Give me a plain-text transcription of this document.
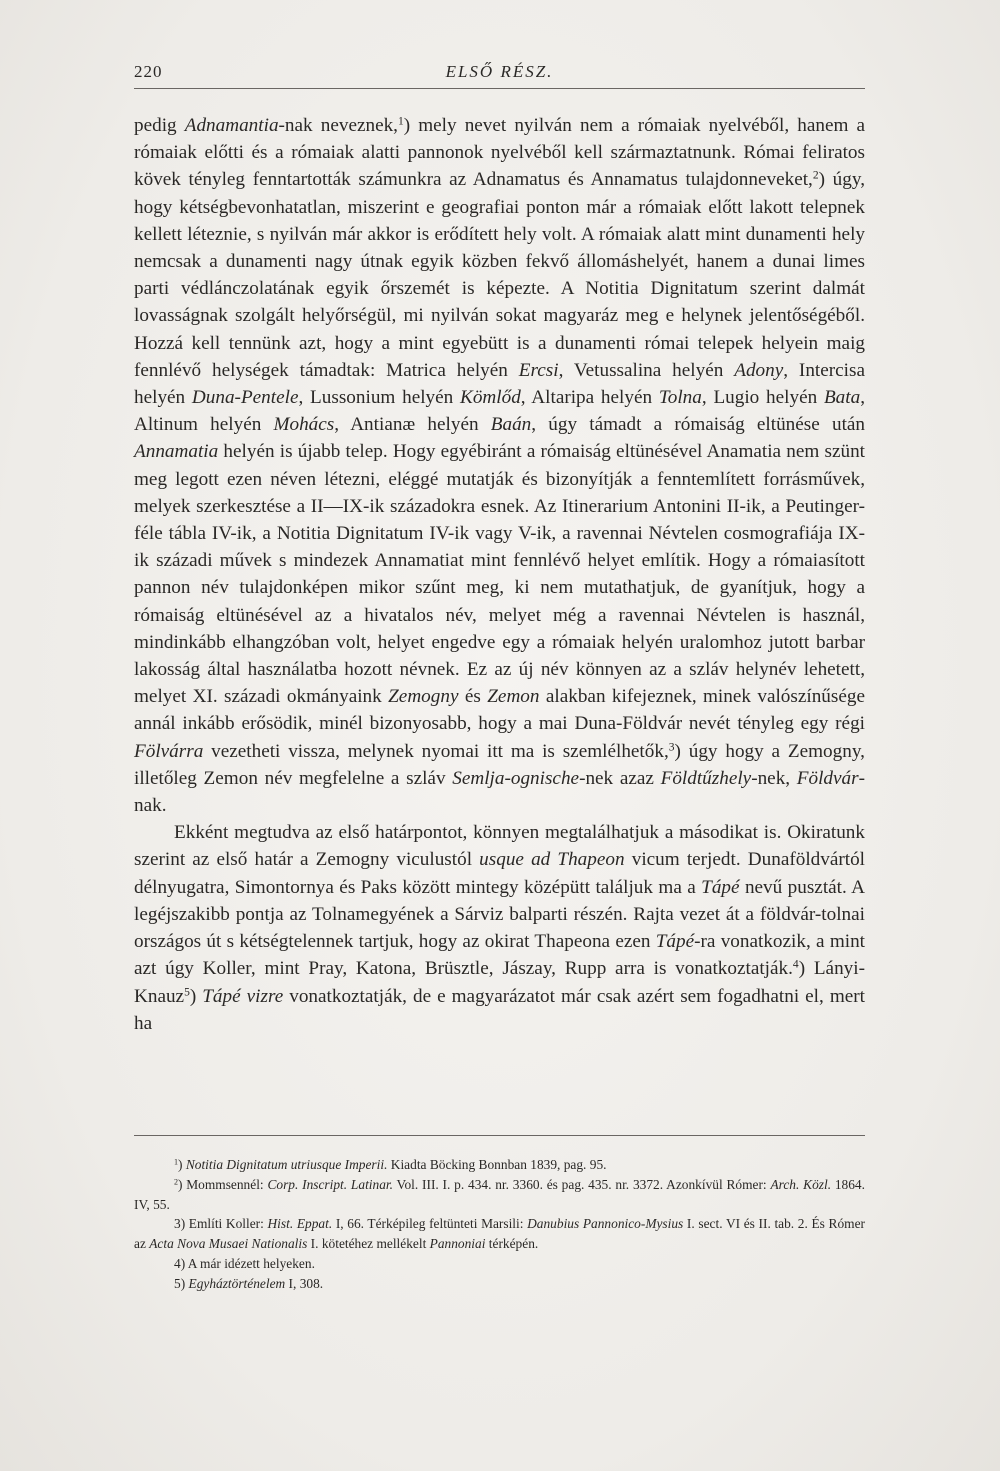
220	ELSŐ RÉSZ.

pedig Adnamantia-nak neveznek,$^1$) mely nevet nyilván nem a rómaiak nyelvéből, hanem a rómaiak előtti és a rómaiak alatti pannonok nyelvéből kell származtatnunk. Római feliratos kövek tényleg fenntartották számunkra az Adnamatus és Annamatus tulajdonneveket,$^2$) úgy, hogy kétségbevonhatatlan, miszerint e geografiai ponton már a rómaiak előtt lakott telepnek kellett léteznie, s nyilván már akkor is erődített hely volt. A rómaiak alatt mint dunamenti hely nemcsak a dunamenti nagy útnak egyik közben fekvő állomáshelyét, hanem a dunai limes parti védlánczolatának egyik őrszemét is képezte. A Notitia Dignitatum szerint dalmát lovasságnak szolgált helyőrségül, mi nyilván sokat magyaráz meg e helynek jelentőségéből. Hozzá kell tennünk azt, hogy a mint egyebütt is a dunamenti római telepek helyein maig fennlévő helységek támadtak: Matrica helyén Ercsi, Vetussalina helyén Adony, Intercisa helyén Duna-Pentele, Lussonium helyén Kömlőd, Altaripa helyén Tolna, Lugio helyén Bata, Altinum helyén Mohács, Antianæ helyén Baán, úgy támadt a rómaiság eltünése után Annamatia helyén is újabb telep. Hogy egyébiránt a rómaiság eltünésével Anamatia nem szünt meg legott ezen néven létezni, eléggé mutatják és bizonyítják a fenntemlített forrásművek, melyek szerkesztése a II—IX-ik századokra esnek. Az Itinerarium Antonini II-ik, a Peutinger-féle tábla IV-ik, a Notitia Dignitatum IV-ik vagy V-ik, a ravennai Névtelen cosmografiája IX-ik századi művek s mindezek Annamatiat mint fennlévő helyet említik. Hogy a rómaiasított pannon név tulajdonképen mikor szűnt meg, ki nem mutathatjuk, de gyanítjuk, hogy a rómaiság eltünésével az a hivatalos név, melyet még a ravennai Névtelen is használ, mindinkább elhangzóban volt, helyet engedve egy a rómaiak helyén uralomhoz jutott barbar lakosság által használatba hozott névnek. Ez az új név könnyen az a szláv helynév lehetett, melyet XI. századi okmányaink Zemogny és Zemon alakban kifejeznek, minek valószínűsége annál inkább erősödik, minél bizonyosabb, hogy a mai Duna-Földvár nevét tényleg egy régi Fölvárra vezetheti vissza, melynek nyomai itt ma is szemlélhetők,$^3$) úgy hogy a Zemogny, illetőleg Zemon név megfelelne a szláv Semlja-ognische-nek azaz Földtűzhely-nek, Földvár-nak.

Ekként megtudva az első határpontot, könnyen megtalálhatjuk a másodikat is. Okiratunk szerint az első határ a Zemogny viculustól usque ad Thapeon vicum terjedt. Dunaföldvártól délnyugatra, Simontornya és Paks között mintegy középütt találjuk ma a Tápé nevű pusztát. A legéjszakibb pontja az Tolnamegyének a Sárviz balparti részén. Rajta vezet át a földvár-tolnai országos út s kétségtelennek tartjuk, hogy az okirat Thapeona ezen Tápé-ra vonatkozik, a mint azt úgy Koller, mint Pray, Katona, Brüsztle, Jászay, Rupp arra is vonatkoztatják.$^4$) Lányi-Knauz$^5$) Tápé vizre vonatkoztatják, de e magyarázatot már csak azért sem fogadhatni el, mert ha

$^1$) Notitia Dignitatum utriusque Imperii. Kiadta Böcking Bonnban 1839, pag. 95.

$^2$) Mommsennél: Corp. Inscript. Latinar. Vol. III. I. p. 434. nr. 3360. és pag. 435. nr. 3372. Azonkívül Rómer: Arch. Közl. 1864. IV, 55.

3) Említi Koller: Hist. Eppat. I, 66. Térképileg feltünteti Marsili: Danubius Pannonico-Mysius I. sect. VI és II. tab. 2. És Rómer az Acta Nova Musaei Nationalis I. kötetéhez mellékelt Pannoniai térképén.

4) A már idézett helyeken.

5) Egyháztörténelem I, 308.
